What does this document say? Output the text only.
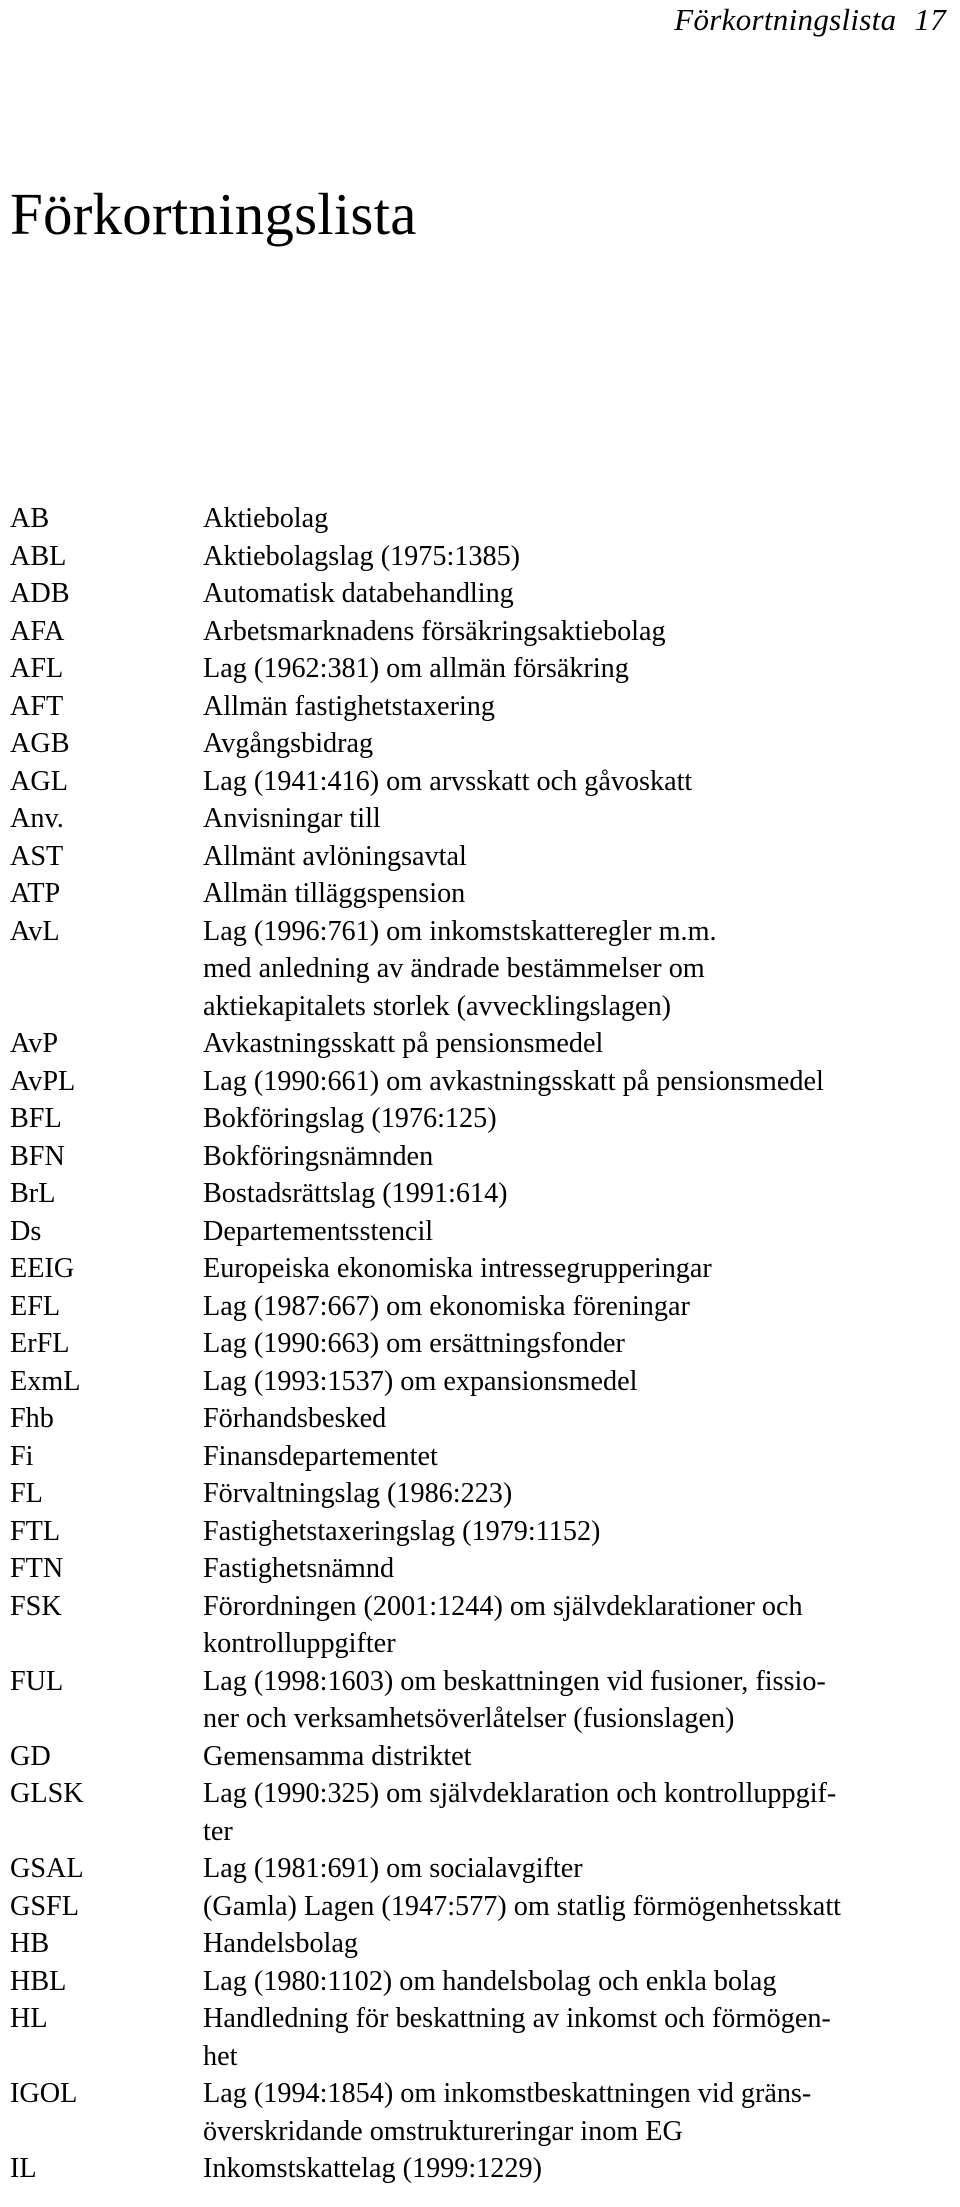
Förkortningslista 17
Förkortningslista
AB	Aktiebolag
ABL	Aktiebolagslag (1975:1385)
ADB	Automatisk databehandling
AFA	Arbetsmarknadens försäkringsaktiebolag
AFL	Lag (1962:381) om allmän försäkring
AFT	Allmän fastighetstaxering
AGB	Avgångsbidrag
AGL	Lag (1941:416) om arvsskatt och gåvoskatt
Anv.	Anvisningar till
AST	Allmänt avlöningsavtal
ATP	Allmän tilläggspension
AvL	Lag (1996:761) om inkomstskatteregler m.m.
med anledning av ändrade bestämmelser om
aktiekapitalets storlek (avvecklingslagen)
AvP	Avkastningsskatt på pensionsmedel
AvPL	Lag (1990:661) om avkastningsskatt på pensionsmedel
BFL	Bokföringslag (1976:125)
BFN	Bokföringsnämnden
BrL	Bostadsrättslag (1991:614)
Ds	Departementsstencil
EEIG	Europeiska ekonomiska intressegrupperingar
EFL	Lag (1987:667) om ekonomiska föreningar
ErFL	Lag (1990:663) om ersättningsfonder
ExmL	Lag (1993:1537) om expansionsmedel
Fhb	Förhandsbesked
Fi	Finansdepartementet
FL	Förvaltningslag (1986:223)
FTL	Fastighetstaxeringslag (1979:1152)
FTN	Fastighetsnämnd
FSK	Förordningen (2001:1244) om självdeklarationer och
kontrolluppgifter
FUL	Lag (1998:1603) om beskattningen vid fusioner, fissio-
ner och verksamhetsöverlåtelser (fusionslagen)
GD	Gemensamma distriktet
GLSK	Lag (1990:325) om självdeklaration och kontrolluppgif-
ter
GSAL	Lag (1981:691) om socialavgifter
GSFL	(Gamla) Lagen (1947:577) om statlig förmögenhetsskatt
HB	Handelsbolag
HBL	Lag (1980:1102) om handelsbolag och enkla bolag
HL	Handledning för beskattning av inkomst och förmögen-
het
IGOL	Lag (1994:1854) om inkomstbeskattningen vid gräns-
överskridande omstruktureringar inom EG
IL	Inkomstskattelag (1999:1229)
